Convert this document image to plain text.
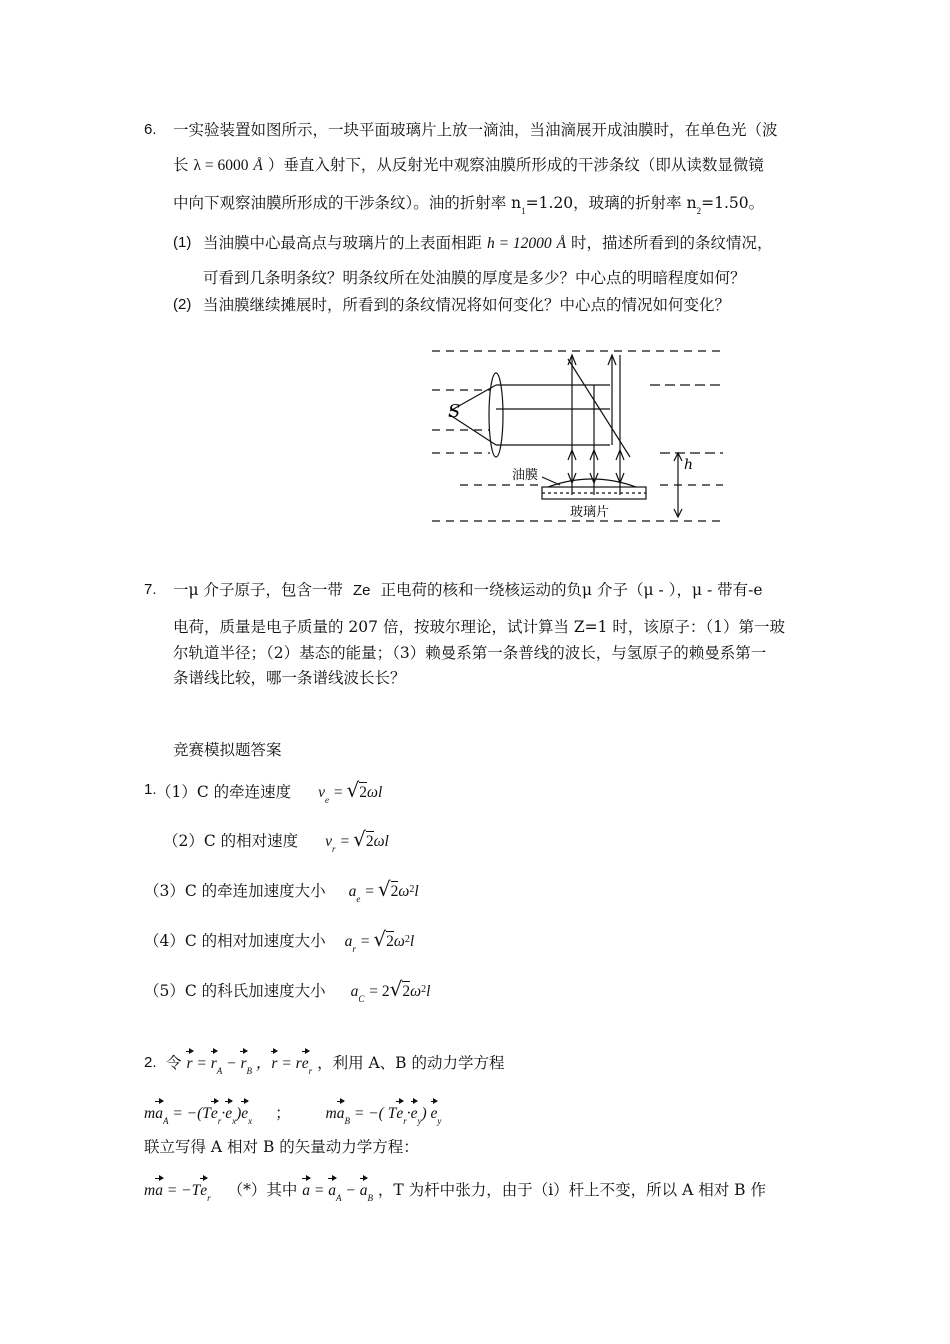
6. 一实验装置如图所示，一块平面玻璃片上放一滴油，当油滴展开成油膜时，在单色光（波
长 λ = 6000 Å ）垂直入射下，从反射光中观察油膜所形成的干涉条纹（即从读数显微镜
中向下观察油膜所形成的干涉条纹）。油的折射率 $n_1=1.20$，玻璃的折射率 $n_2=1.50$。
(1) 当油膜中心最高点与玻璃片的上表面相距 h = 12000 Å 时，描述所看到的条纹情况，
可看到几条明条纹？明条纹所在处油膜的厚度是多少？中心点的明暗程度如何？
(2) 当油膜继续摊展时，所看到的条纹情况将如何变化？中心点的情况如何变化？
S
油膜
玻璃片
h
7. 一μ 介子原子，包含一带 Ze 正电荷的核和一绕核运动的负μ 介子（μ - ），μ - 带有-e
电荷，质量是电子质量的 207 倍，按玻尔理论，试计算当 Z=1 时，该原子：（1）第一玻
尔轨道半径；（2）基态的能量；（3）赖曼系第一条普线的波长，与氢原子的赖曼系第一
条谱线比较，哪一条谱线波长长？
竞赛模拟题答案
1. （1）C 的牵连速度 $v_e = √2\omega l$
（2）C 的相对速度 $v_r = √2\omega l$
（3）C 的牵连加速度大小 $a_e = √2\omega^2l$
（4）C 的相对加速度大小 $a_r = √2\omega^2l$
（5）C 的科氏加速度大小 $a_C = 2√2\omega^2l$
2. 令 $r = r_A - r_B$ ，$r = re_r$ ，利用 A、B 的动力学方程
$ma_A = -(Te_r\cdot e_x)e_x$ ； $ma_B$ = −( $Te_r\cdot e_y$) $e_y$
联立写得 A 相对 B 的矢量动力学方程：
ma = $-Te_r$ （*）其中 $a = a_A - a_B$ ，T 为杆中张力，由于（i）杆上不变，所以 A 相对 B 作
